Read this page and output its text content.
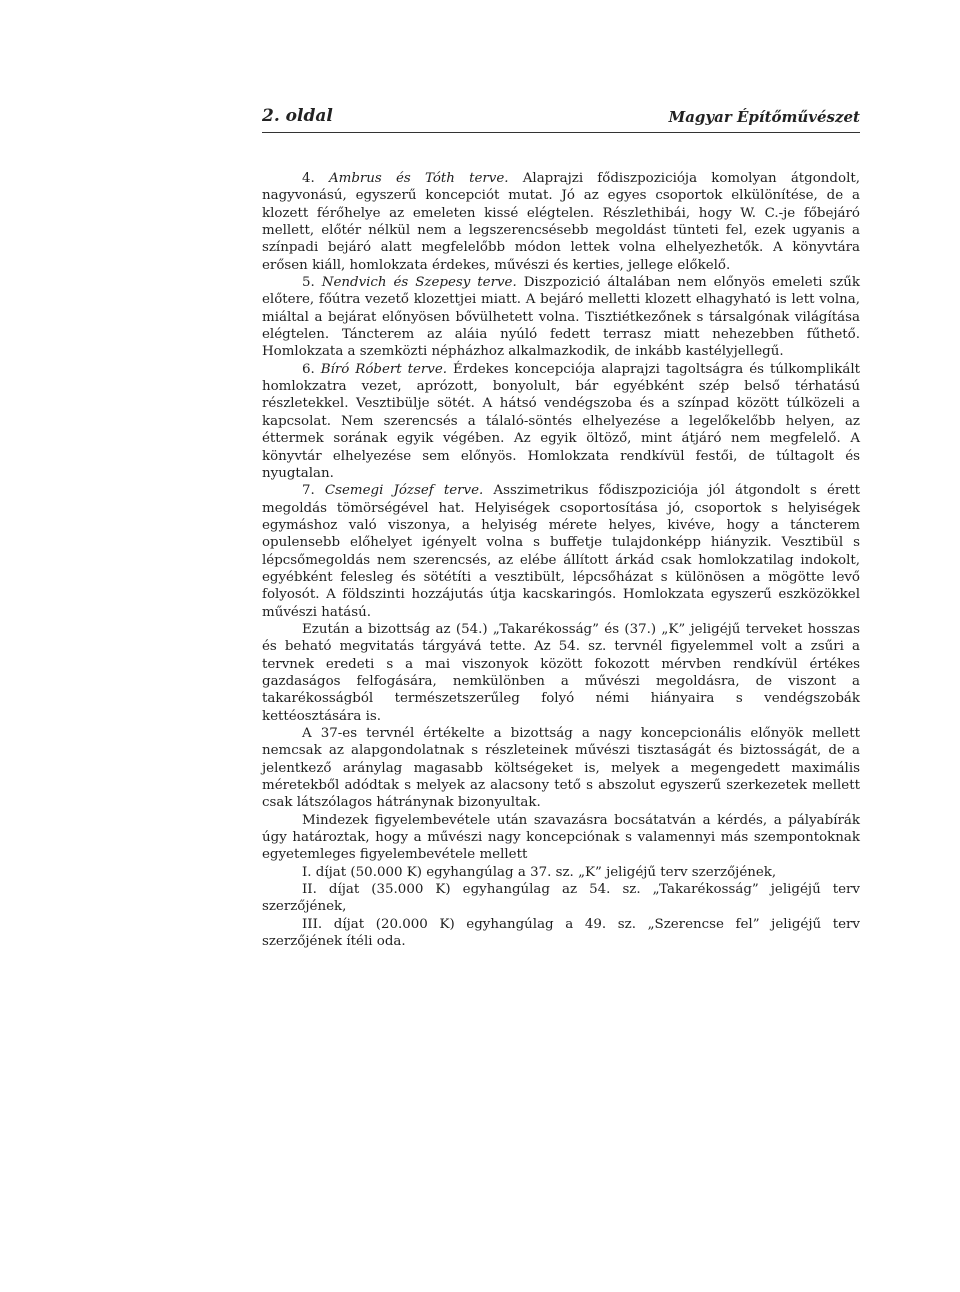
2. oldal	Magyar Építőművészet

4. Ambrus és Tóth terve. Alaprajzi fődiszpoziciója komolyan átgondolt, nagyvonású, egyszerű koncepciót mutat. Jó az egyes csoportok elkülönítése, de a klozett férőhelye az emeleten kissé elégtelen. Részlethibái, hogy W. C.-je főbejáró mellett, előtér nélkül nem a legszerencsésebb megoldást tünteti fel, ezek ugyanis a színpadi bejáró alatt megfelelőbb módon lettek volna elhelyezhetők. A könyvtára erősen kiáll, homlokzata érdekes, művészi és kerties, jellege előkelő.

5. Nendvich és Szepesy terve. Diszpozició általában nem előnyös emeleti szűk előtere, főútra vezető klozettjei miatt. A bejáró melletti klozett elhagyható is lett volna, miáltal a bejárat előnyösen bővülhetett volna. Tisztiétkezőnek s társalgónak világítása elégtelen. Táncterem az aláia nyúló fedett terrasz miatt nehezebben fűthető. Homlokzata a szemközti népházhoz alkalmazkodik, de inkább kastélyjellegű.

6. Bíró Róbert terve. Érdekes koncepciója alaprajzi tagoltságra és túlkomplikált homlokzatra vezet, aprózott, bonyolult, bár egyébként szép belső térhatású részletekkel. Vesztibülje sötét. A hátsó vendégszoba és a színpad között túlközeli a kapcsolat. Nem szerencsés a tálaló-söntés elhelyezése a legelőkelőbb helyen, az éttermek sorának egyik végében. Az egyik öltöző, mint átjáró nem megfelelő. A könyvtár elhelyezése sem előnyös. Homlokzata rendkívül festői, de túltagolt és nyugtalan.

7. Csemegi József terve. Asszimetrikus fődiszpoziciója jól átgondolt s érett megoldás tömörségével hat. Helyiségek csoportosítása jó, csoportok s helyiségek egymáshoz való viszonya, a helyiség mérete helyes, kivéve, hogy a táncterem opulensebb előhelyet igényelt volna s buffetje tulajdonképp hiányzik. Vesztibül s lépcsőmegoldás nem szerencsés, az elébe állított árkád csak homlokzatilag indokolt, egyébként felesleg és sötétíti a vesztibült, lépcsőházat s különösen a mögötte levő folyosót. A földszinti hozzájutás útja kacskaringós. Homlokzata egyszerű eszközökkel művészi hatású.

Ezután a bizottság az (54.) „Takarékosság” és (37.) „K” jeligéjű terveket hosszas és beható megvitatás tárgyává tette. Az 54. sz. tervnél figyelemmel volt a zsűri a tervnek eredeti s a mai viszonyok között fokozott mérvben rendkívül értékes gazdaságos felfogására, nemkülönben a művészi megoldásra, de viszont a takarékosságból természetszerűleg folyó némi hiányaira s vendégszobák kettéosztására is.

A 37-es tervnél értékelte a bizottság a nagy koncepcionális előnyök mellett nemcsak az alapgondolatnak s részleteinek művészi tisztaságát és biztosságát, de a jelentkező aránylag magasabb költségeket is, melyek a megengedett maximális méretekből adódtak s melyek az alacsony tető s abszolut egyszerű szerkezetek mellett csak látszólagos hátránynak bizonyultak.

Mindezek figyelembevétele után szavazásra bocsátatván a kérdés, a pályabírák úgy határoztak, hogy a művészi nagy koncepciónak s valamennyi más szempontoknak egyetemleges figyelembevétele mellett

I. díjat (50.000 K) egyhangúlag a 37. sz. „K” jeligéjű terv szerzőjének,

II. díjat (35.000 K) egyhangúlag az 54. sz. „Takarékosság” jeligéjű terv szerzőjének,

III. díjat (20.000 K) egyhangúlag a 49. sz. „Szerencse fel” jeligéjű terv szerzőjének ítéli oda.
